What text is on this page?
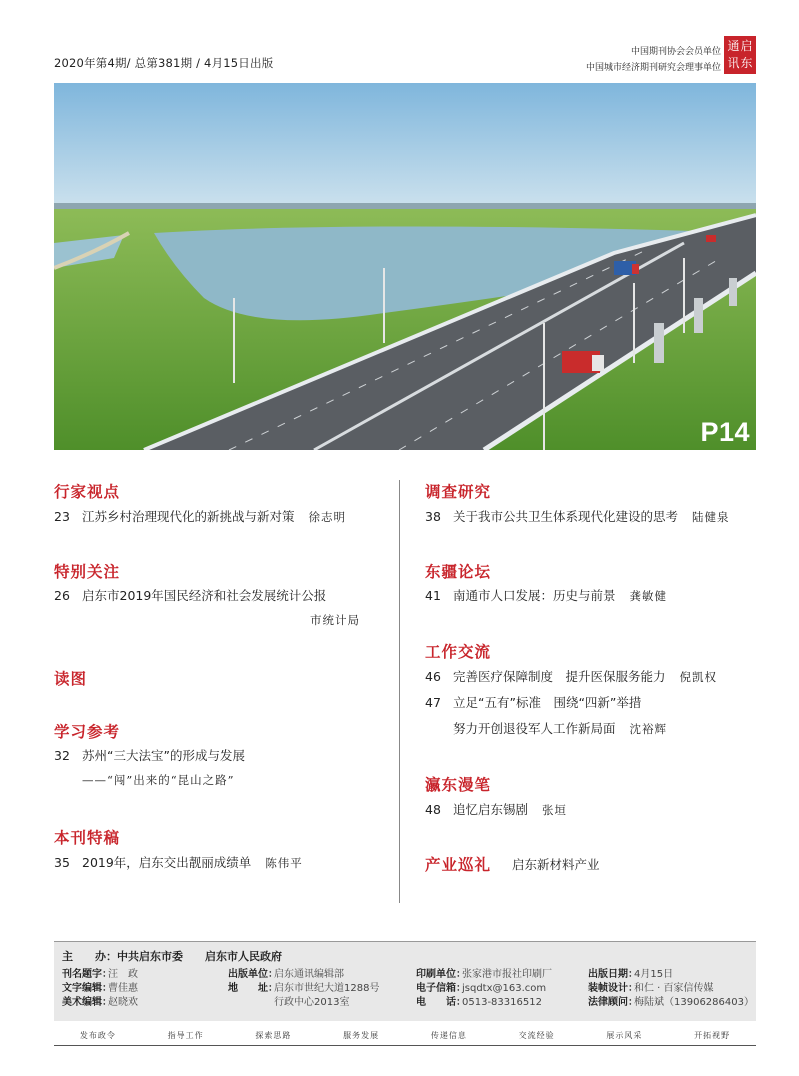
2020年第4期/ 总第381期 / 4月15日出版
中国期刊协会会员单位
中国城市经济期刊研究会理事单位
通 启
讯 东
P14
行家视点
23 江苏乡村治理现代化的新挑战与新对策 徐志明
特别关注
26 启东市2019年国民经济和社会发展统计公报
市统计局
读图
学习参考
32 苏州“三大法宝”的形成与发展
——“闯”出来的“昆山之路”
本刊特稿
35 2019年，启东交出靓丽成绩单 陈伟平
调查研究
38 关于我市公共卫生体系现代化建设的思考 陆健泉
东疆论坛
41 南通市人口发展：历史与前景 龚敏健
工作交流
46 完善医疗保障制度　提升医保服务能力 倪凯权
47 立足“五有”标准　围绕“四新”举措
努力开创退役军人工作新局面 沈裕辉
瀛东漫笔
48 追忆启东锡剧 张垣
产业巡礼 启东新材料产业
主　　办：中共启东市委 启东市人民政府
刊名题字：汪　政
文字编辑：曹佳惠
美术编辑：赵晓欢
出版单位：启东通讯编辑部
地　　址：启东市世纪大道1288号
行政中心2013室
印刷单位：张家港市报社印刷厂
电子信箱：jsqdtx@163.com
电　　话：0513-83316512
出版日期：4月15日
装帧设计：和仁 · 百家信传媒
法律顾问：梅陆斌（13906286403）
发布政令	指导工作	探索思路	服务发展	传递信息	交流经验	展示风采	开拓视野
